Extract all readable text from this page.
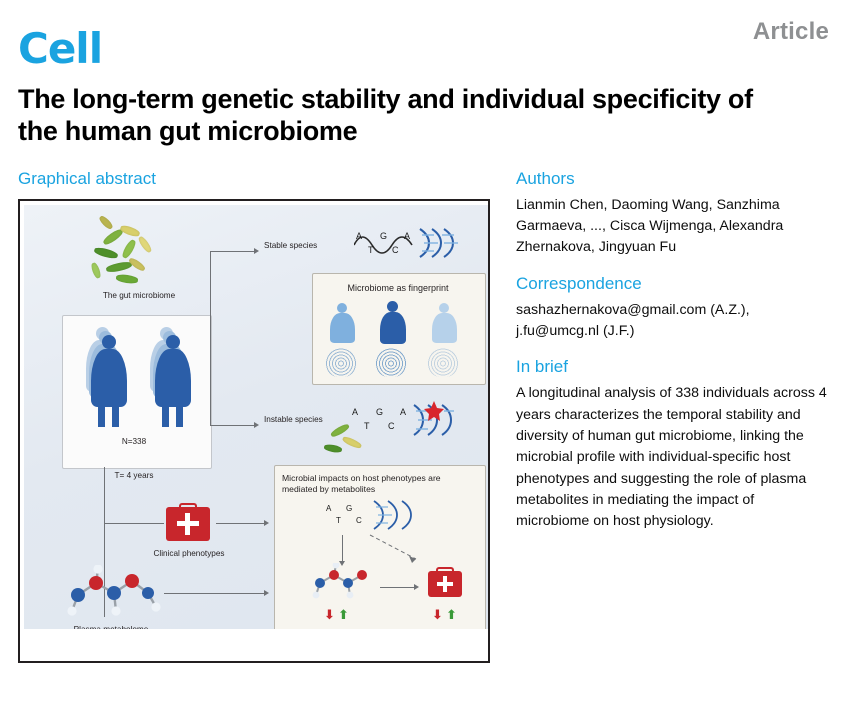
Cell	Article
The long-term genetic stability and individual specificity of the human gut microbiome
Graphical abstract
The gut microbiome
N=338
T= 4 years
Stable species
Instable species
A
T
G
C
A
Microbiome as fingerprint
A
T
G
C
A
Microbial impacts on host phenotypes are mediated by metabolites
A
T
G
C
⬇ ⬆	⬇ ⬆
Clinical phenotypes
Authors
Lianmin Chen, Daoming Wang, Sanzhima Garmaeva, ..., Cisca Wijmenga, Alexandra Zhernakova, Jingyuan Fu
Correspondence
sashazhernakova@gmail.com (A.Z.), j.fu@umcg.nl (J.F.)
In brief
A longitudinal analysis of 338 individuals across 4 years characterizes the temporal stability and diversity of human gut microbiome, linking the microbial profile with individual-specific host phenotypes and suggesting the role of plasma metabolites in mediating the impact of microbiome on host physiology.
